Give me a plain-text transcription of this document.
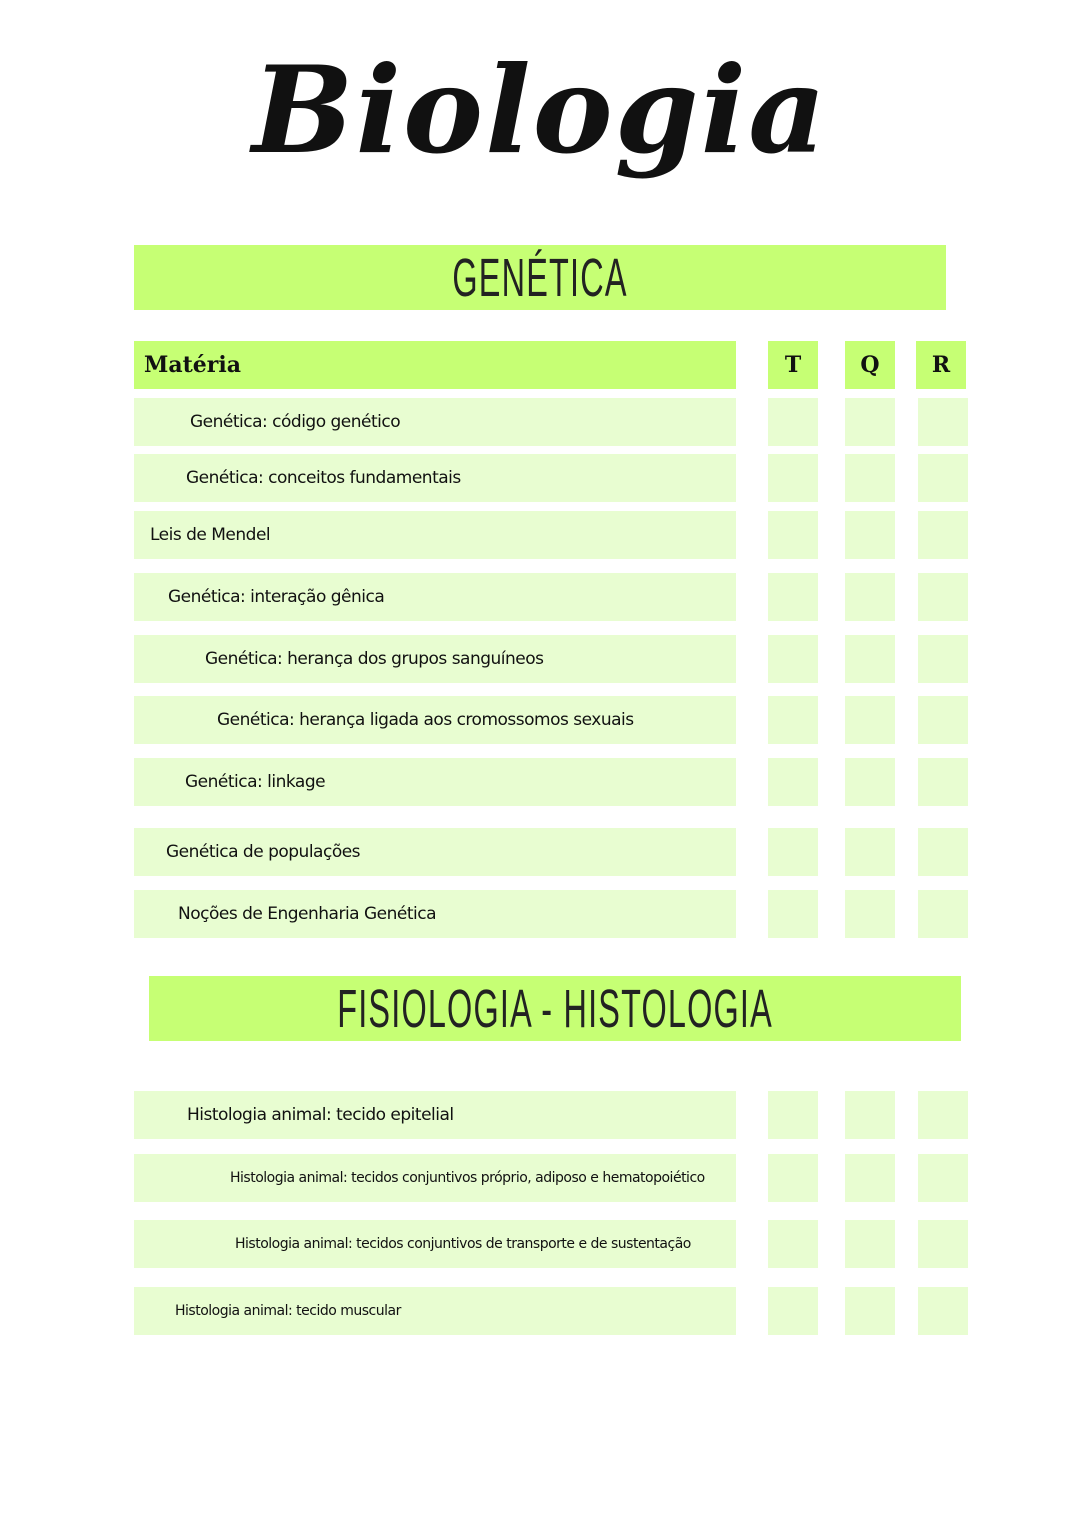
Biologia
GENÉTICA
Matéria	T	Q	R
Genética: código genético
Genética: conceitos fundamentais
Leis de Mendel
Genética: interação gênica
Genética: herança dos grupos sanguíneos
Genética: herança ligada aos cromossomos sexuais
Genética: linkage
Genética de populações
Noções de Engenharia Genética
Histologia animal: tecido epitelial
Histologia animal: tecidos conjuntivos próprio, adiposo e hematopoiético
Histologia animal: tecidos conjuntivos de transporte e de sustentação
Histologia animal: tecido muscular
FISIOLOGIA - HISTOLOGIA
